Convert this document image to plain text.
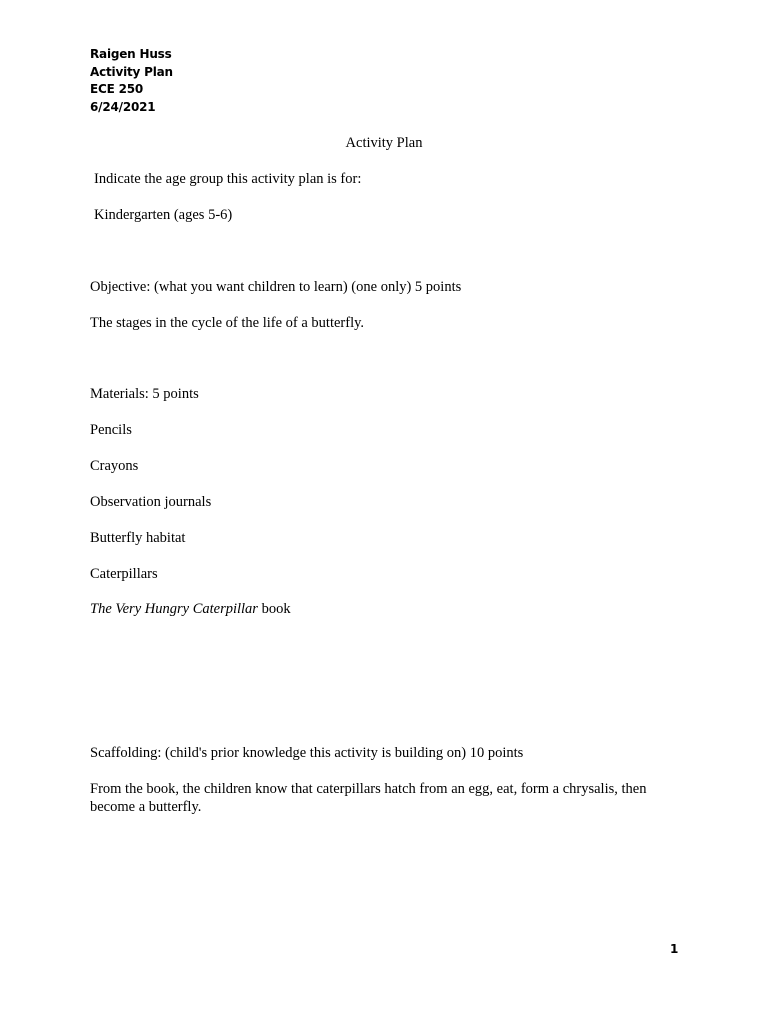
Raigen Huss
Activity Plan
ECE 250
6/24/2021
Activity Plan
Indicate the age group this activity plan is for:
Kindergarten (ages 5-6)
Objective: (what you want children to learn) (one only) 5 points
The stages in the cycle of the life of a butterfly.
Materials: 5 points
Pencils
Crayons
Observation journals
Butterfly habitat
Caterpillars
The Very Hungry Caterpillar book
Scaffolding: (child's prior knowledge this activity is building on) 10 points
From the book, the children know that caterpillars hatch from an egg, eat, form a chrysalis, then become a butterfly.
1
